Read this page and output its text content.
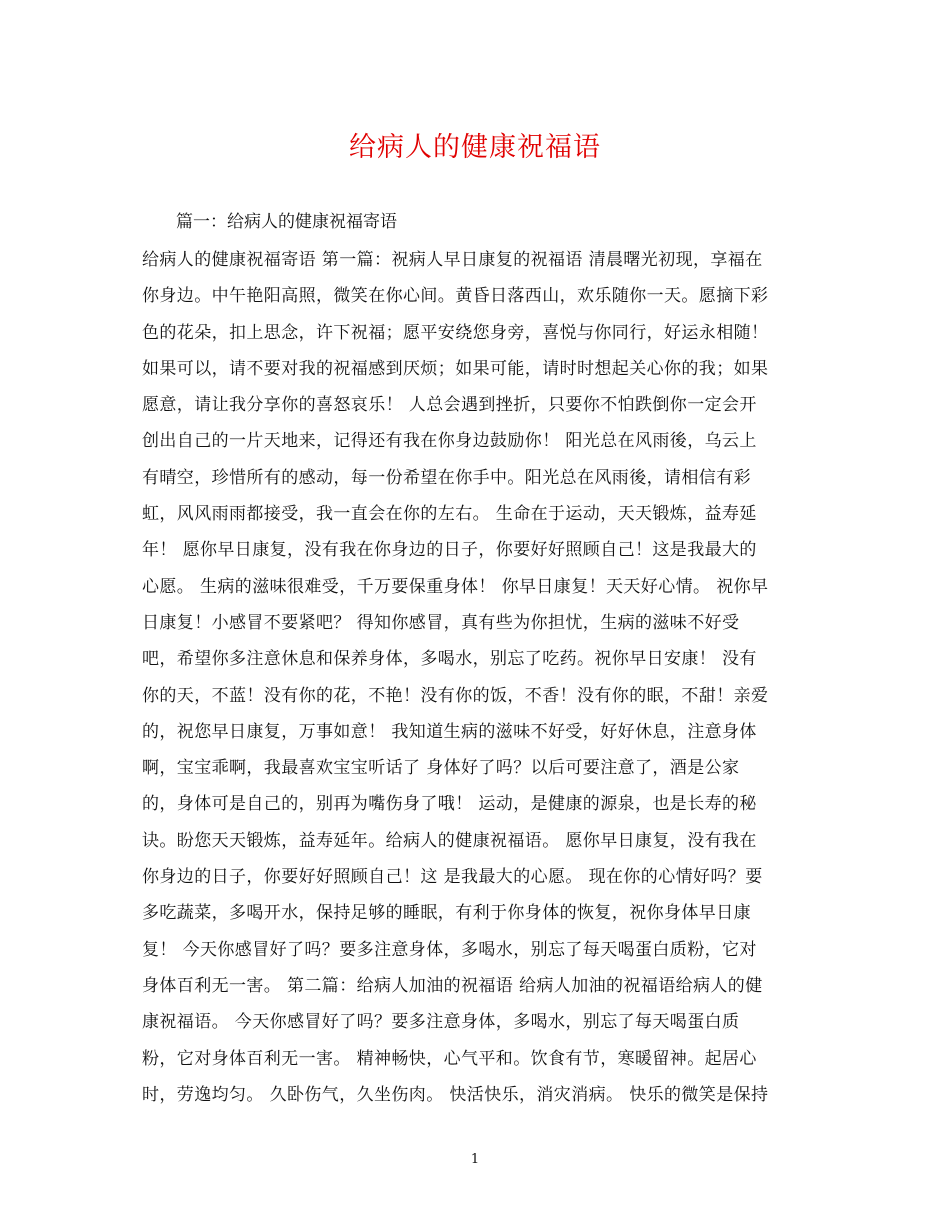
给病人的健康祝福语
篇一：给病人的健康祝福寄语
给病人的健康祝福寄语 第一篇：祝病人早日康复的祝福语 清晨曙光初现，享福在
你身边。中午艳阳高照，微笑在你心间。黄昏日落西山，欢乐随你一天。愿摘下彩
色的花朵，扣上思念，许下祝福；愿平安绕您身旁，喜悦与你同行，好运永相随！
如果可以，请不要对我的祝福感到厌烦；如果可能，请时时想起关心你的我；如果
愿意，请让我分享你的喜怒哀乐！ 人总会遇到挫折，只要你不怕跌倒你一定会开
创出自己的一片天地来，记得还有我在你身边鼓励你！ 阳光总在风雨後，乌云上
有晴空，珍惜所有的感动，每一份希望在你手中。阳光总在风雨後，请相信有彩
虹，风风雨雨都接受，我一直会在你的左右。 生命在于运动，天天锻炼，益寿延
年！ 愿你早日康复，没有我在你身边的日子，你要好好照顾自己！这是我最大的
心愿。 生病的滋味很难受，千万要保重身体！ 你早日康复！天天好心情。 祝你早
日康复！小感冒不要紧吧？ 得知你感冒，真有些为你担忧，生病的滋味不好受
吧，希望你多注意休息和保养身体，多喝水，别忘了吃药。祝你早日安康！ 没有
你的天，不蓝！没有你的花，不艳！没有你的饭，不香！没有你的眠，不甜！亲爱
的，祝您早日康复，万事如意！ 我知道生病的滋味不好受，好好休息，注意身体
啊，宝宝乖啊，我最喜欢宝宝听话了 身体好了吗？以后可要注意了，酒是公家
的，身体可是自己的，别再为嘴伤身了哦！ 运动，是健康的源泉，也是长寿的秘
诀。盼您天天锻炼，益寿延年。给病人的健康祝福语。 愿你早日康复，没有我在
你身边的日子，你要好好照顾自己！这 是我最大的心愿。 现在你的心情好吗？要
多吃蔬菜，多喝开水，保持足够的睡眠，有利于你身体的恢复，祝你身体早日康
复！ 今天你感冒好了吗？要多注意身体，多喝水，别忘了每天喝蛋白质粉，它对
身体百利无一害。 第二篇：给病人加油的祝福语 给病人加油的祝福语给病人的健
康祝福语。 今天你感冒好了吗？要多注意身体，多喝水，别忘了每天喝蛋白质
粉，它对身体百利无一害。 精神畅快，心气平和。饮食有节，寒暖留神。起居心
时，劳逸均匀。 久卧伤气，久坐伤肉。 快活快乐，消灾消病。 快乐的微笑是保持
1
